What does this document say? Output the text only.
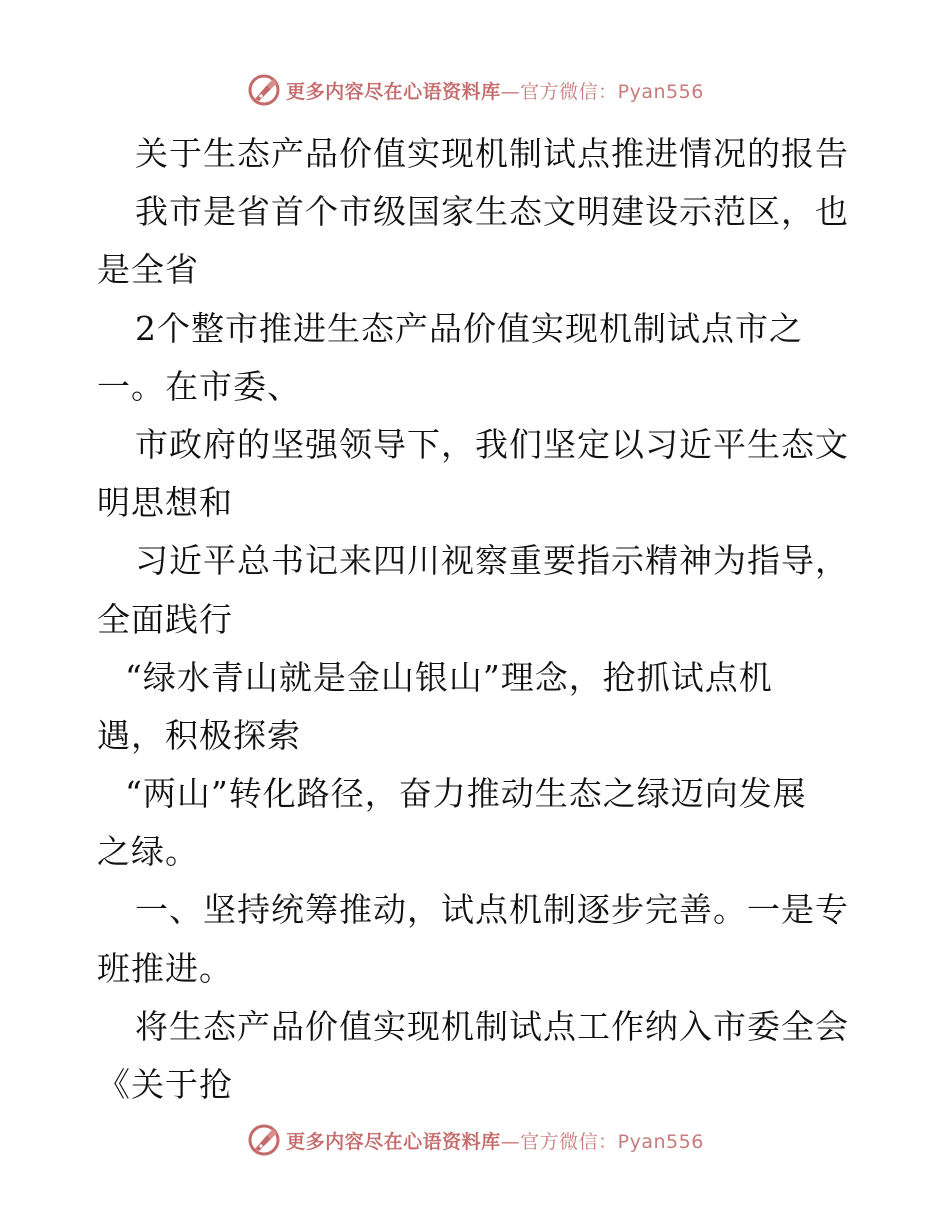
更多内容尽在心语资料库—官方微信：Pyan556
关于生态产品价值实现机制试点推进情况的报告
我市是省首个市级国家生态文明建设示范区，也
是全省
2个整市推进生态产品价值实现机制试点市之
一。在市委、
市政府的坚强领导下，我们坚定以习近平生态文
明思想和
习近平总书记来四川视察重要指示精神为指导，
全面践行
“绿水青山就是金山银山”理念，抢抓试点机
遇，积极探索
“两山”转化路径，奋力推动生态之绿迈向发展
之绿。
一、坚持统筹推动，试点机制逐步完善。一是专
班推进。
将生态产品价值实现机制试点工作纳入市委全会
《关于抢
更多内容尽在心语资料库—官方微信：Pyan556
